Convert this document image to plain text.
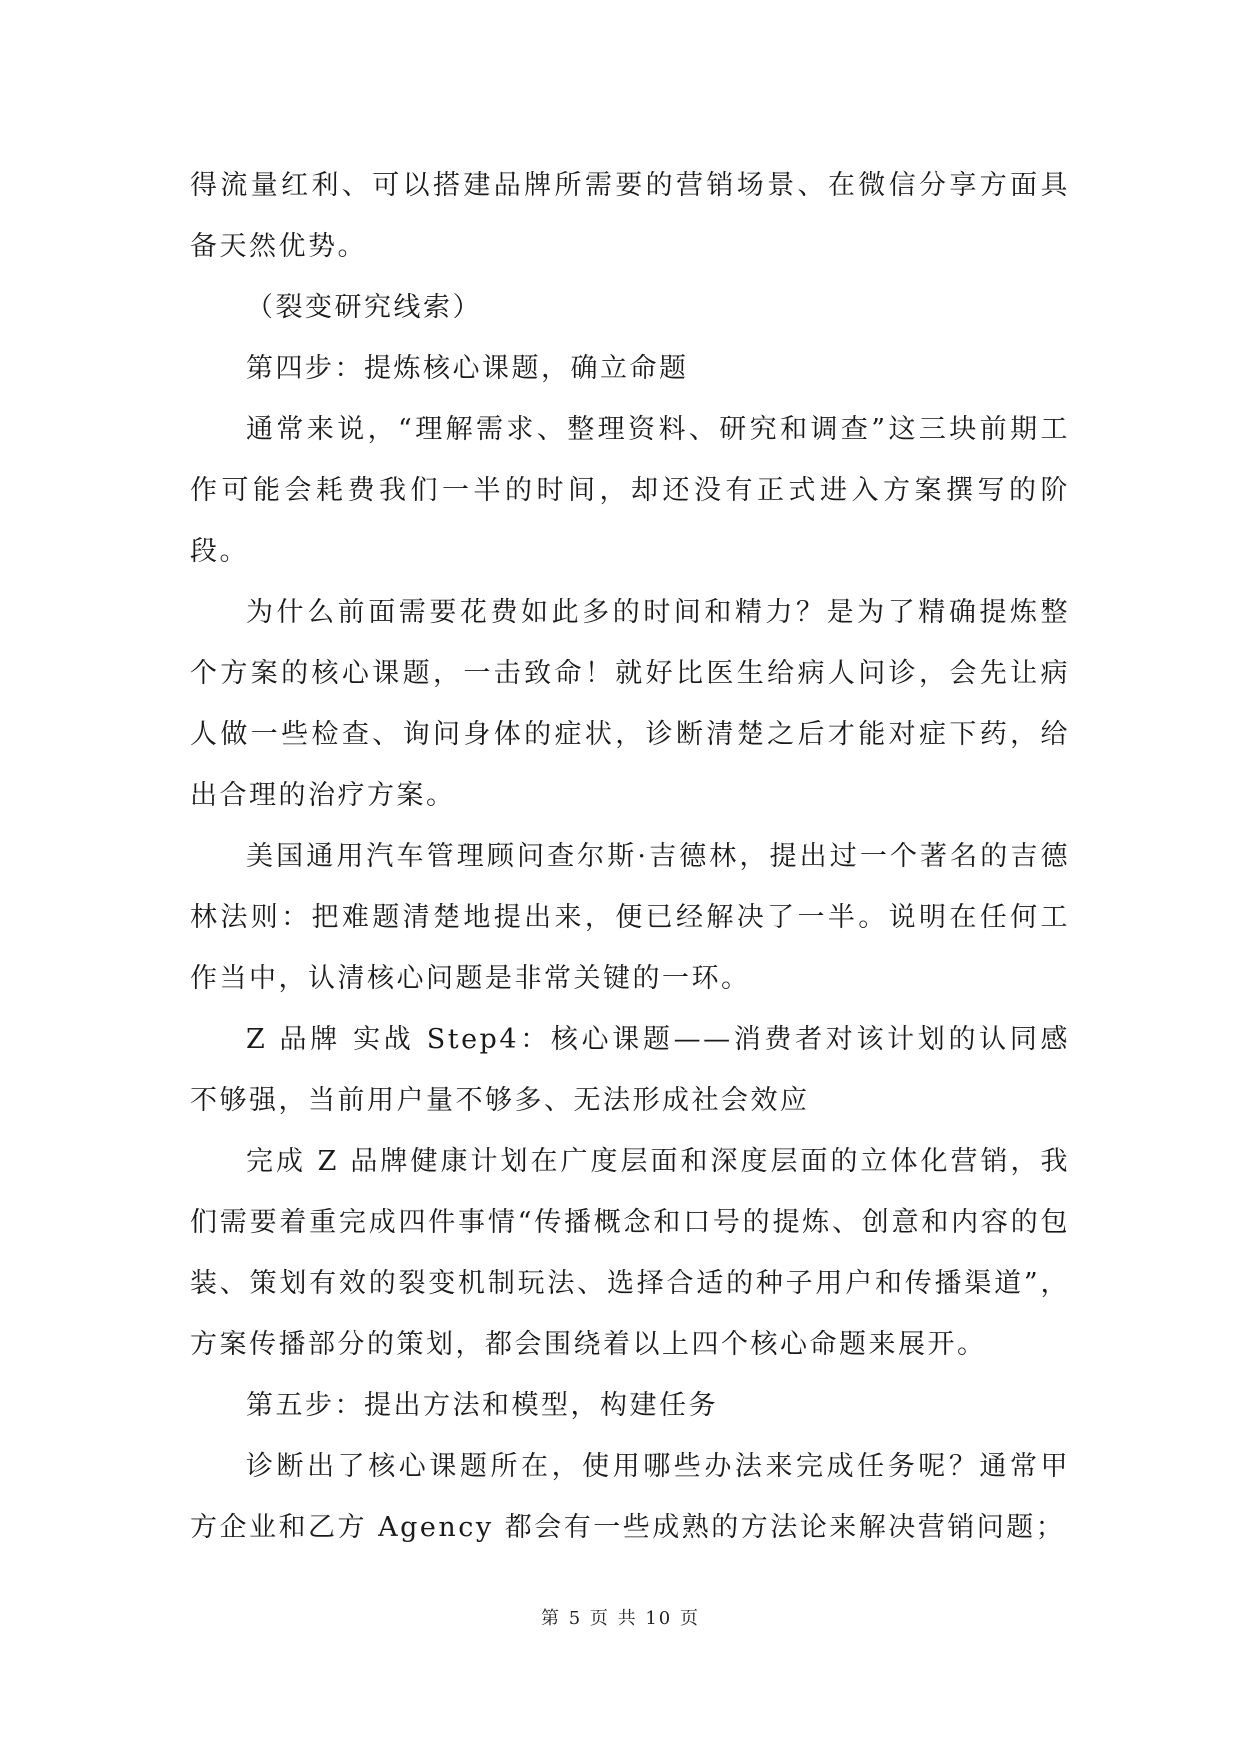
得流量红利、可以搭建品牌所需要的营销场景、在微信分享方面具备天然优势。

（裂变研究线索）

第四步：提炼核心课题，确立命题

通常来说，“理解需求、整理资料、研究和调查”这三块前期工作可能会耗费我们一半的时间，却还没有正式进入方案撰写的阶段。

为什么前面需要花费如此多的时间和精力？是为了精确提炼整个方案的核心课题，一击致命！就好比医生给病人问诊，会先让病人做一些检查、询问身体的症状，诊断清楚之后才能对症下药，给出合理的治疗方案。

美国通用汽车管理顾问查尔斯·吉德林，提出过一个著名的吉德林法则：把难题清楚地提出来，便已经解决了一半。说明在任何工作当中，认清核心问题是非常关键的一环。

Z 品牌 实战 Step4：核心课题——消费者对该计划的认同感不够强，当前用户量不够多、无法形成社会效应

完成 Z 品牌健康计划在广度层面和深度层面的立体化营销，我们需要着重完成四件事情“传播概念和口号的提炼、创意和内容的包装、策划有效的裂变机制玩法、选择合适的种子用户和传播渠道”，方案传播部分的策划，都会围绕着以上四个核心命题来展开。

第五步：提出方法和模型，构建任务

诊断出了核心课题所在，使用哪些办法来完成任务呢？通常甲方企业和乙方 Agency 都会有一些成熟的方法论来解决营销问题；

第 5 页 共 10 页
